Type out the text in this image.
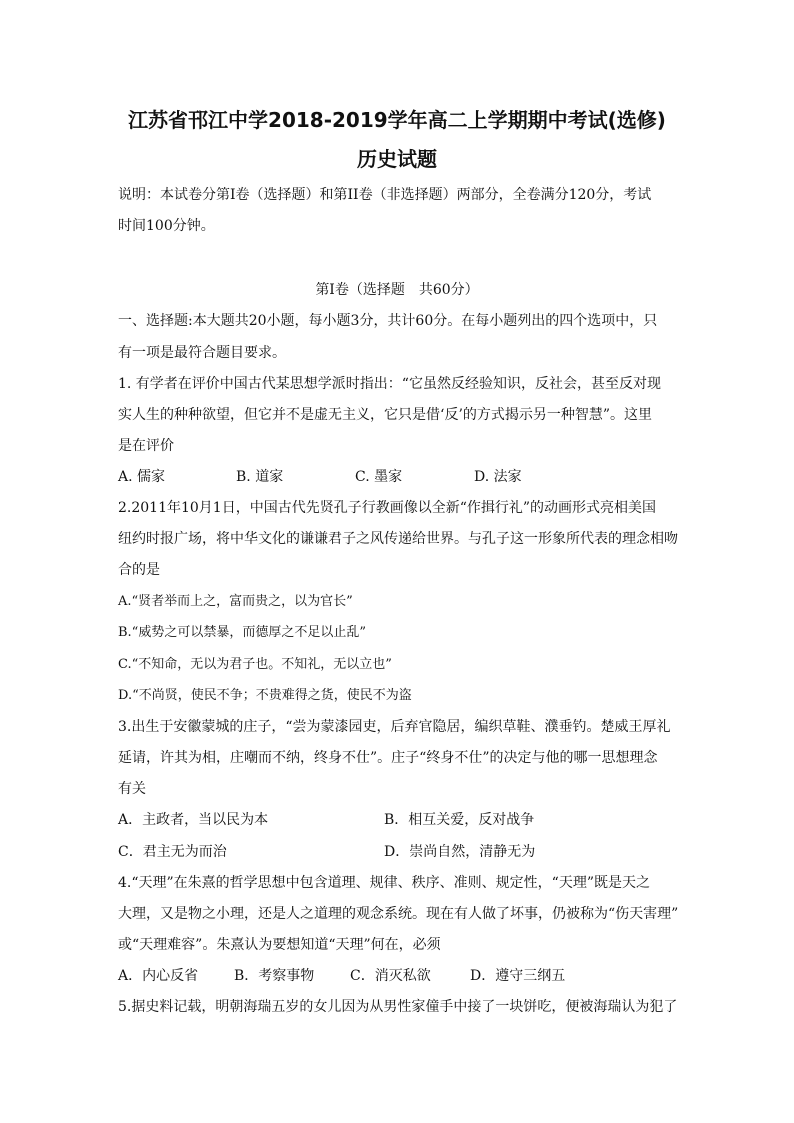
江苏省邗江中学2018-2019学年高二上学期期中考试(选修)
历史试题
说明：本试卷分第Ⅰ卷（选择题）和第II卷（非选择题）两部分，全卷满分120分，考试
时间100分钟。
第Ⅰ卷（选择题　共60分）
一、选择题:本大题共20小题，每小题3分，共计60分。在每小题列出的四个选项中，只
有一项是最符合题目要求。
1. 有学者在评价中国古代某思想学派时指出：“它虽然反经验知识，反社会，甚至反对现
实人生的种种欲望，但它并不是虚无主义，它只是借‘反’的方式揭示另一种智慧”。这里
是在评价
A. 儒家	B. 道家	C. 墨家	D. 法家
2.2011年10月1日，中国古代先贤孔子行教画像以全新“作揖行礼”的动画形式亮相美国
纽约时报广场，将中华文化的谦谦君子之风传递给世界。与孔子这一形象所代表的理念相吻
合的是
A.“贤者举而上之，富而贵之，以为官长”
B.“威势之可以禁暴，而德厚之不足以止乱”
C.“不知命，无以为君子也。不知礼，无以立也”
D.“不尚贤，使民不争；不贵难得之货，使民不为盗
3.出生于安徽蒙城的庄子，“尝为蒙漆园吏，后弃官隐居，编织草鞋、濮垂钓。楚威王厚礼
延请，许其为相，庄嘲而不纳，终身不仕”。庄子“终身不仕”的决定与他的哪一思想理念
有关
A．主政者，当以民为本	B．相互关爱，反对战争
C．君主无为而治	D．崇尚自然，清静无为
4.“天理”在朱熹的哲学思想中包含道理、规律、秩序、准则、规定性，“天理”既是天之
大理，又是物之小理，还是人之道理的观念系统。现在有人做了坏事，仍被称为“伤天害理”
或“天理难容”。朱熹认为要想知道“天理”何在，必须
A．内心反省	B．考察事物	C．消灭私欲	D．遵守三纲五
5.据史料记载，明朝海瑞五岁的女儿因为从男性家僮手中接了一块饼吃，便被海瑞认为犯了
